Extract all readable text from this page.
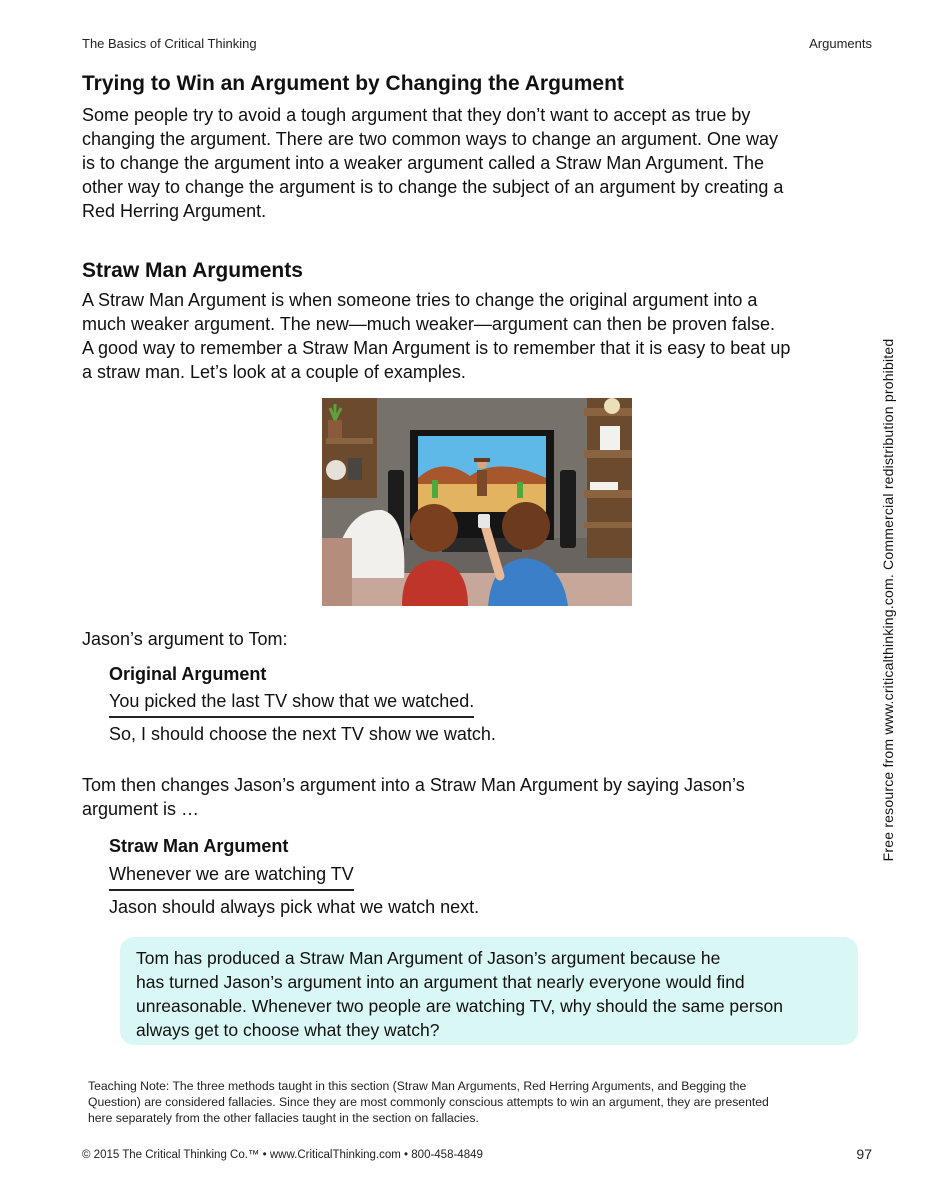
The Basics of Critical Thinking	Arguments
Trying to Win an Argument by Changing the Argument
Some people try to avoid a tough argument that they don’t want to accept as true by
changing the argument. There are two common ways to change an argument. One way
is to change the argument into a weaker argument called a Straw Man Argument. The
other way to change the argument is to change the subject of an argument by creating a
Red Herring Argument.
Straw Man Arguments
A Straw Man Argument is when someone tries to change the original argument into a
much weaker argument. The new—much weaker—argument can then be proven false.
A good way to remember a Straw Man Argument is to remember that it is easy to beat up
a straw man. Let’s look at a couple of examples.
Jason’s argument to Tom:
Original Argument
You picked the last TV show that we watched.
So, I should choose the next TV show we watch.
Tom then changes Jason’s argument into a Straw Man Argument by saying Jason’s
argument is …
Straw Man Argument
Whenever we are watching TV
Jason should always pick what we watch next.
Tom has produced a Straw Man Argument of Jason’s argument because he
has turned Jason’s argument into an argument that nearly everyone would find
unreasonable. Whenever two people are watching TV, why should the same person
always get to choose what they watch?
Teaching Note: The three methods taught in this section (Straw Man Arguments, Red Herring Arguments, and Begging the
Question) are considered fallacies. Since they are most commonly conscious attempts to win an argument, they are presented
here separately from the other fallacies taught in the section on fallacies.
© 2015 The Critical Thinking Co.™ • www.CriticalThinking.com • 800-458-4849	97
Free resource from www.criticalthinking.com. Commercial redistribution prohibited
